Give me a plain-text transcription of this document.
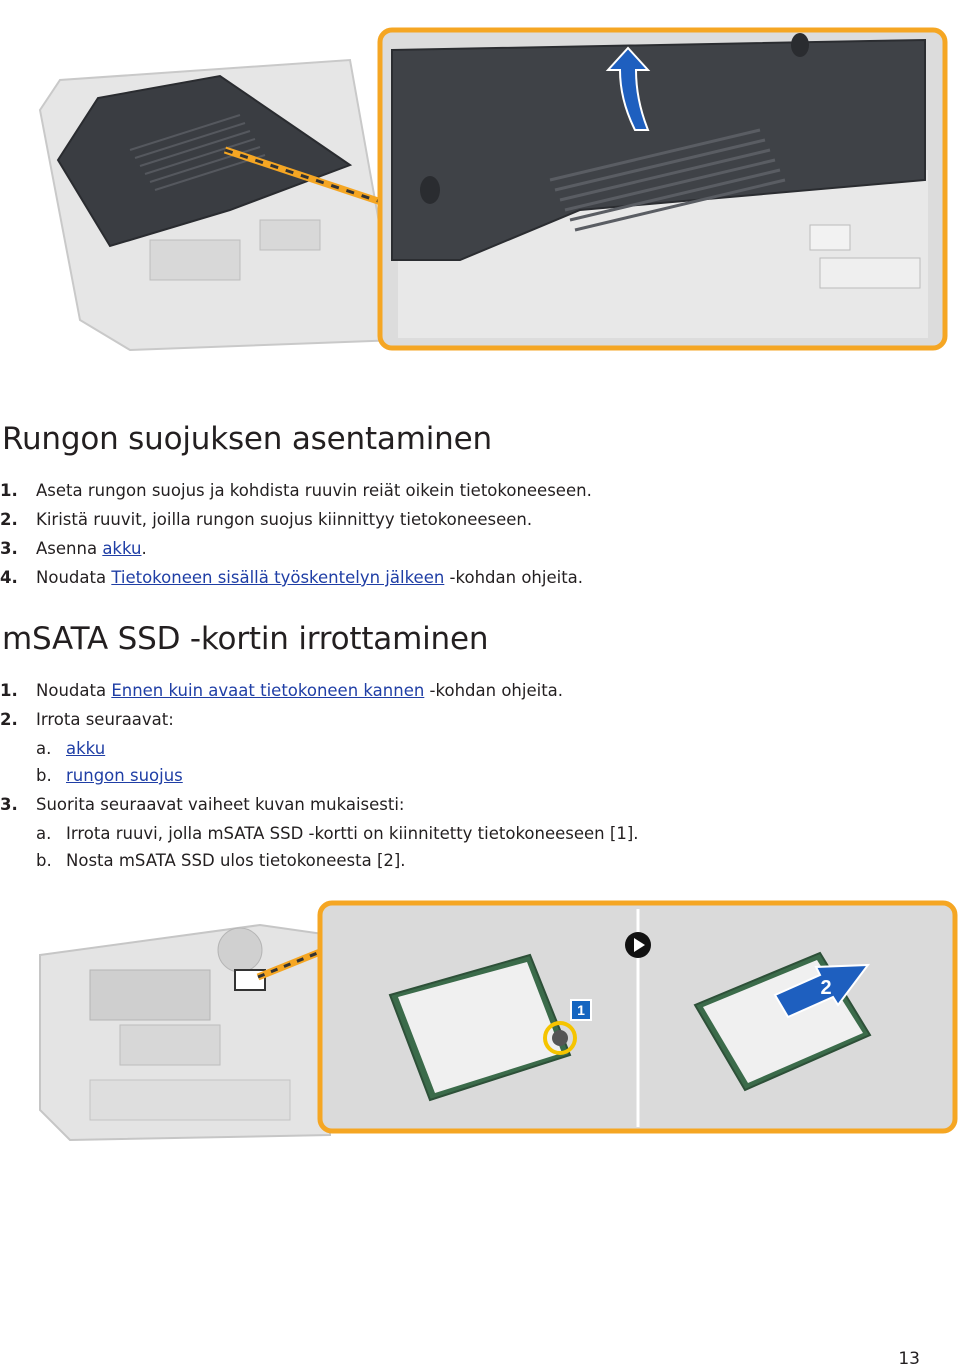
Rungon suojuksen asentaminen
1. Aseta rungon suojus ja kohdista ruuvin reiät oikein tietokoneeseen.
2. Kiristä ruuvit, joilla rungon suojus kiinnittyy tietokoneeseen.
3. Asenna akku.
4. Noudata Tietokoneen sisällä työskentelyn jälkeen -kohdan ohjeita.
mSATA SSD -kortin irrottaminen
1. Noudata Ennen kuin avaat tietokoneen kannen -kohdan ohjeita.
2. Irrota seuraavat:
a. akku
b. rungon suojus
3. Suorita seuraavat vaiheet kuvan mukaisesti:
a. Irrota ruuvi, jolla mSATA SSD -kortti on kiinnitetty tietokoneeseen [1].
b. Nosta mSATA SSD ulos tietokoneesta [2].
1
2
13
